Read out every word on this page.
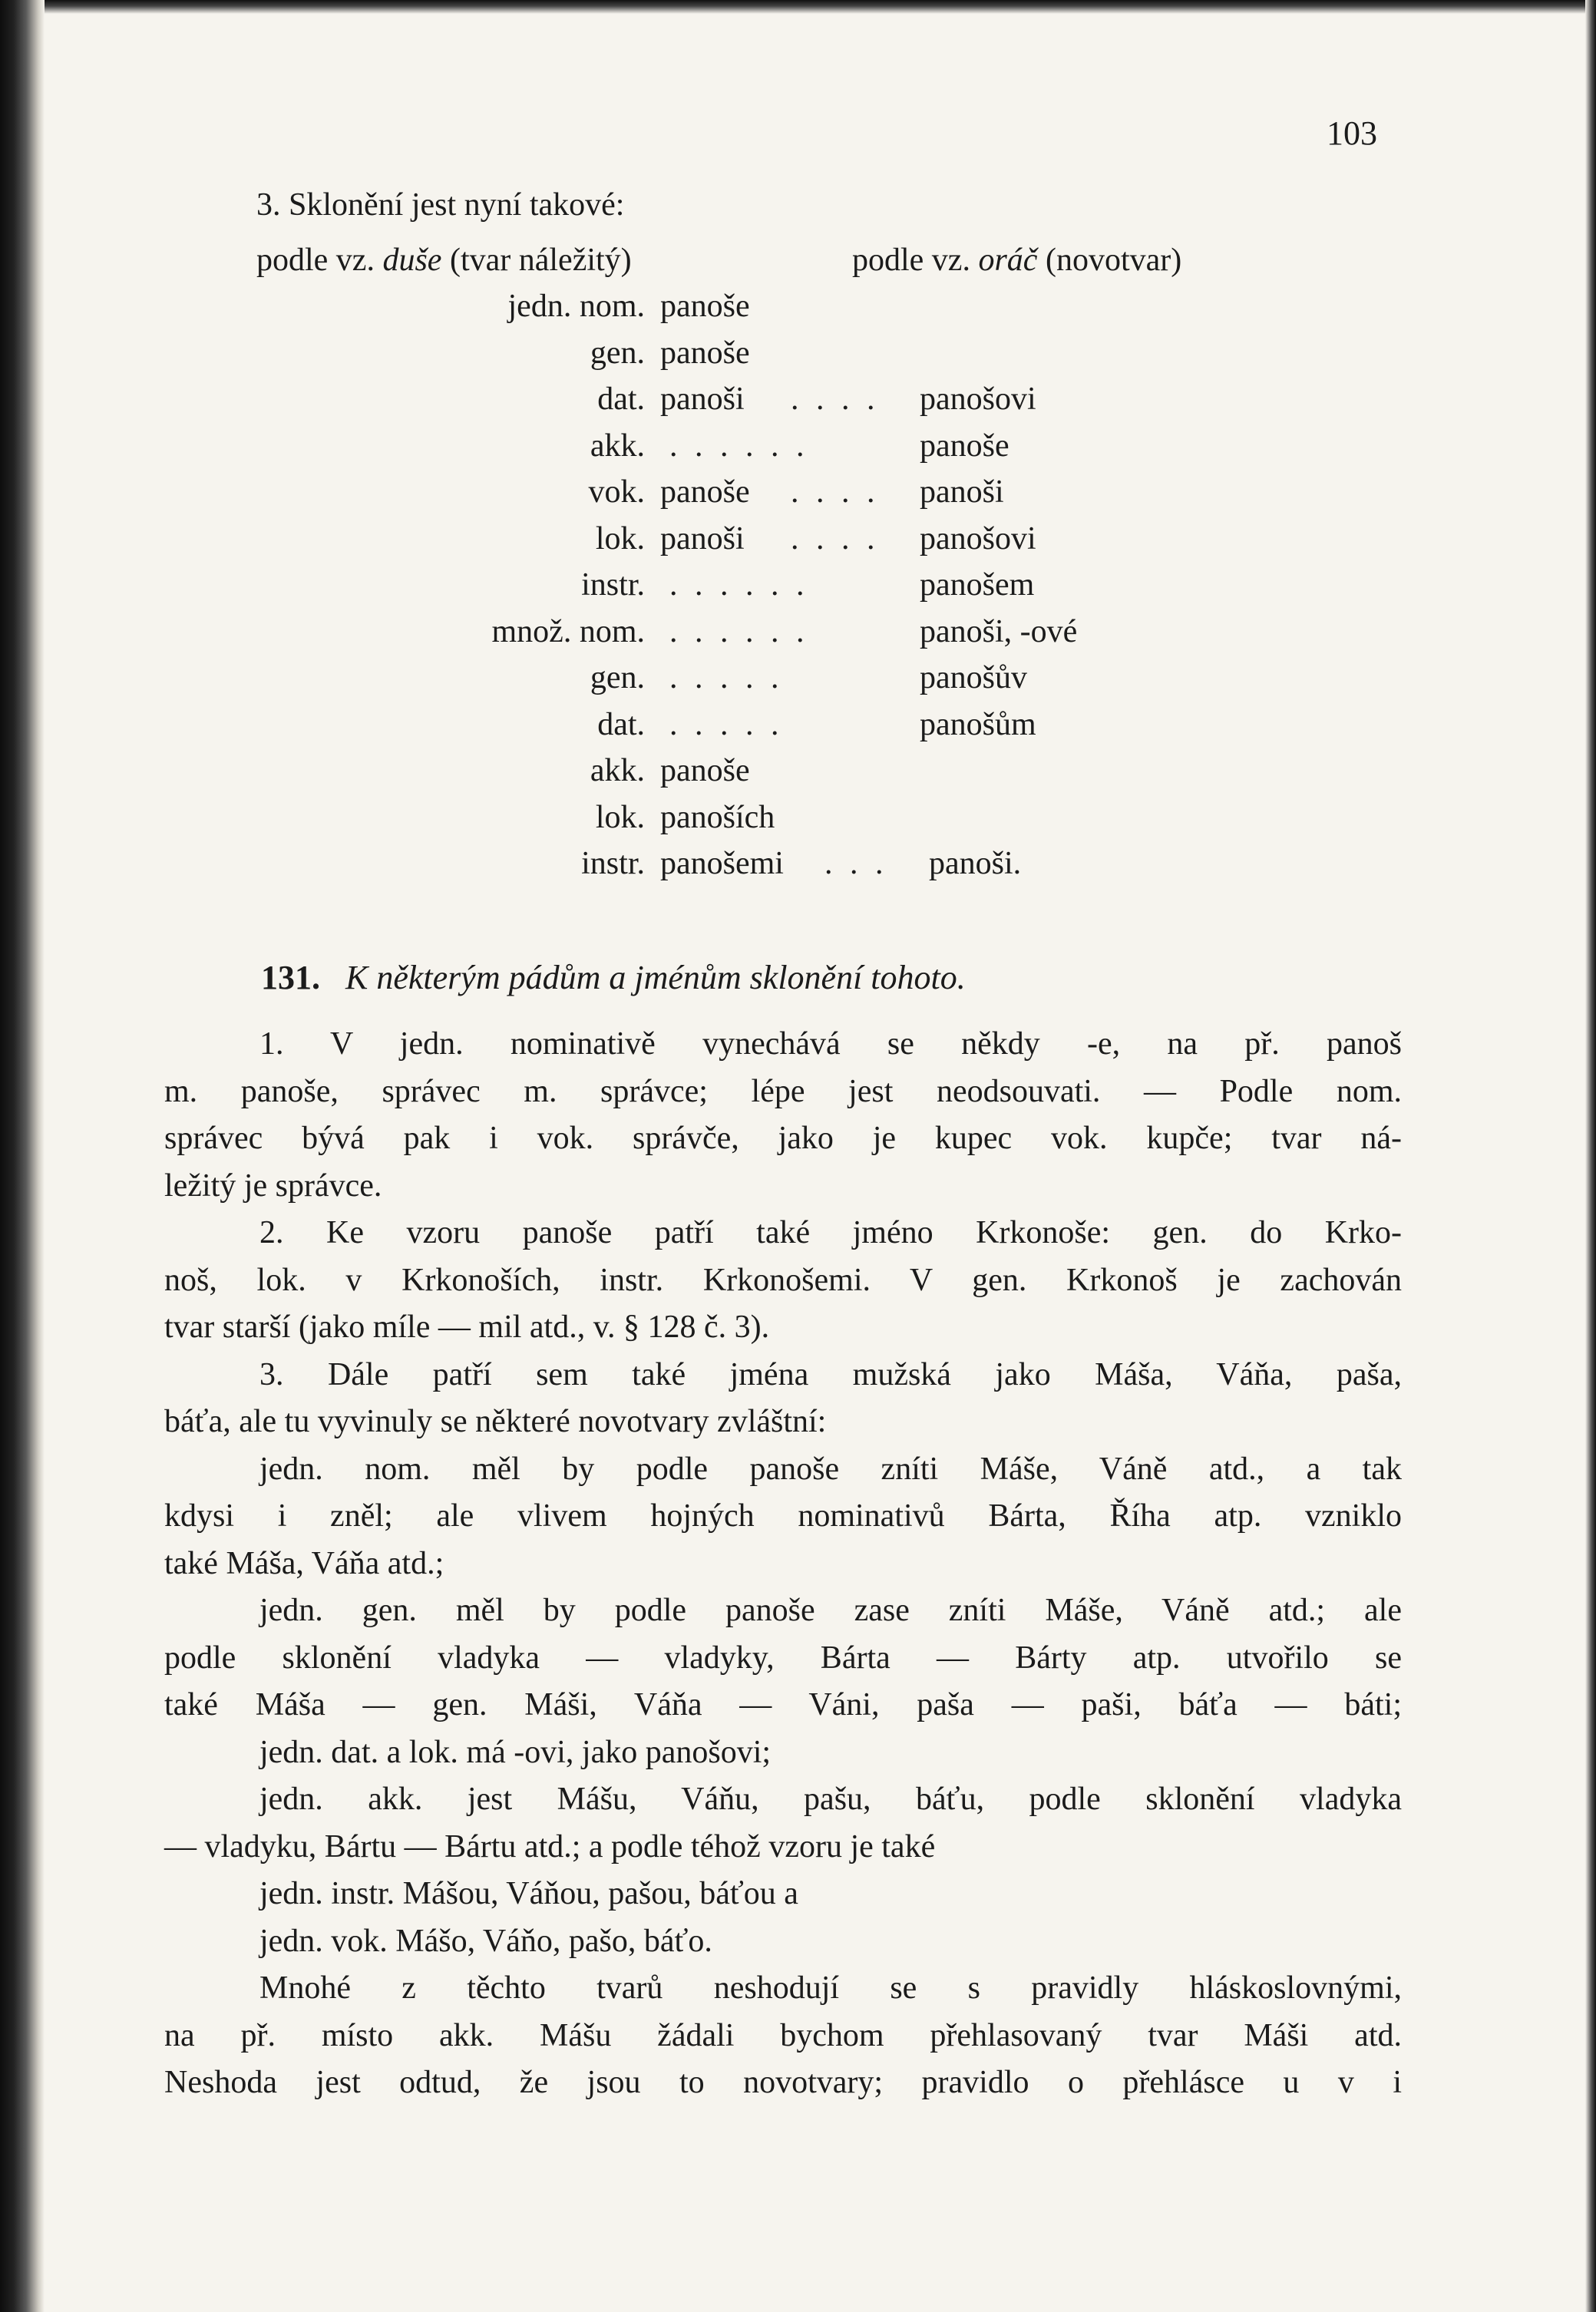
103
3. Sklonění jest nyní takové:
podle vz. duše (tvar náležitý)	podle vz. oráč (novotvar)
jedn. nom. panoše
gen. panoše
dat. panoši . . . . panošovi
akk. . . . . . .	panoše
vok. panoše . . . . panoši
lok. panoši . . . . panošovi
instr. . . . . . .	panošem
množ. nom. . . . . . .	panoši, -ové
gen. . . . . .	panošův
dat. . . . . .	panošům
akk. panoše
lok. panoších
instr. panošemi . . . panoši.
131. K některým pádům a jménům sklonění tohoto.
1. V jedn. nominativě vynechává se někdy -e, na př. panoš
m. panoše, správec m. správce; lépe jest neodsouvati. — Podle nom.
správec bývá pak i vok. správče, jako je kupec vok. kupče; tvar ná-
ležitý je správce.
2. Ke vzoru panoše patří také jméno Krkonoše: gen. do Krko-
noš, lok. v Krkonoších, instr. Krkonošemi. V gen. Krkonoš je zachován
tvar starší (jako míle — mil atd., v. § 128 č. 3).
3. Dále patří sem také jména mužská jako Máša, Váňa, paša,
báťa, ale tu vyvinuly se některé novotvary zvláštní:
jedn. nom. měl by podle panoše zníti Máše, Váně atd., a tak
kdysi i zněl; ale vlivem hojných nominativů Bárta, Říha atp. vzniklo
také Máša, Váňa atd.;
jedn. gen. měl by podle panoše zase zníti Máše, Váně atd.; ale
podle sklonění vladyka — vladyky, Bárta — Bárty atp. utvořilo se
také Máša — gen. Máši, Váňa — Váni, paša — paši, báťa — báti;
jedn. dat. a lok. má -ovi, jako panošovi;
jedn. akk. jest Mášu, Váňu, pašu, báťu, podle sklonění vladyka
— vladyku, Bártu — Bártu atd.; a podle téhož vzoru je také
jedn. instr. Mášou, Váňou, pašou, báťou a
jedn. vok. Mášo, Váňo, pašo, báťo.
Mnohé z těchto tvarů neshodují se s pravidly hláskoslovnými,
na př. místo akk. Mášu žádali bychom přehlasovaný tvar Máši atd.
Neshoda jest odtud, že jsou to novotvary; pravidlo o přehlásce u v i
